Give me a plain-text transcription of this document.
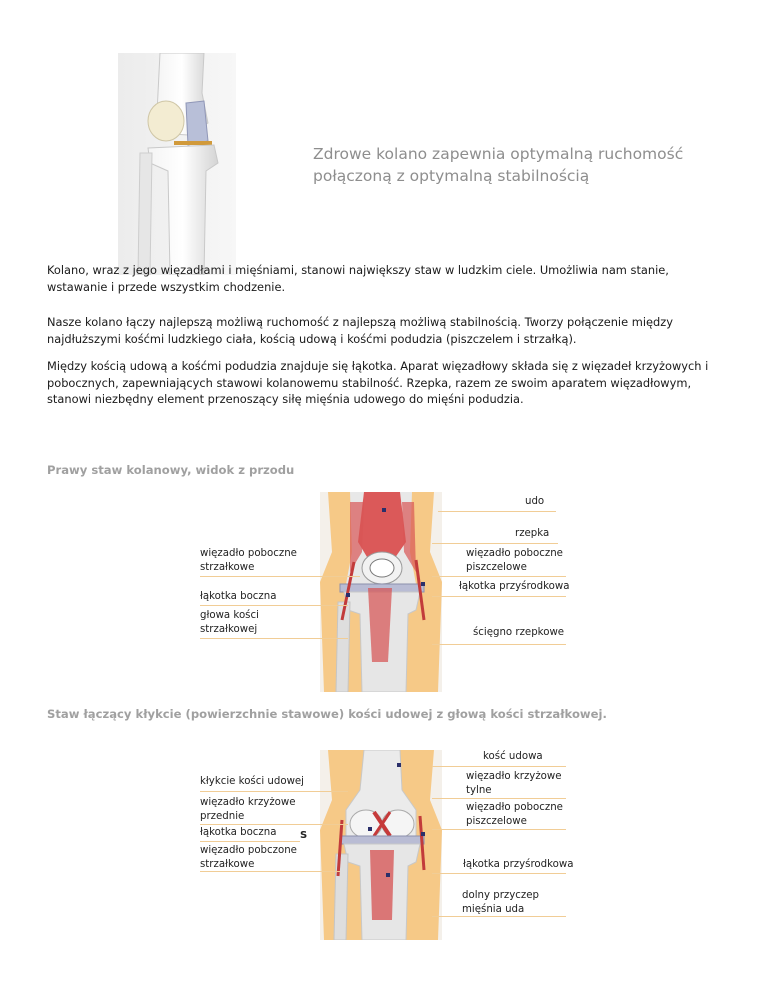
Zdrowe kolano zapewnia optymalną ruchomość
połączoną z optymalną stabilnością

Kolano, wraz z jego więzadłami i mięśniami, stanowi największy staw w ludzkim ciele. Umożliwia nam stanie, wstawanie i przede wszystkim chodzenie.

Nasze kolano łączy najlepszą możliwą ruchomość z najlepszą możliwą stabilnością. Tworzy połączenie między najdłuższymi kośćmi ludzkiego ciała, kością udową i kośćmi podudzia (piszczelem i strzałką).

Między kością udową a kośćmi podudzia znajduje się łąkotka. Aparat więzadłowy składa się z więzadeł krzyżowych i pobocznych, zapewniających stawowi kolanowemu stabilność. Rzepka, razem ze swoim aparatem więzadłowym, stanowi niezbędny element przenoszący siłę mięśnia udowego do mięśni podudzia.

Prawy staw kolanowy, widok z przodu
udo
rzepka
więzadło poboczne piszczelowe
więzadło poboczne strzałkowe
łąkotka przyśrodkowa
łąkotka boczna
głowa kości strzałkowej	ścięgno rzepkowe
Staw łączący kłykcie (powierzchnie stawowe) kości udowej z głową kości strzałkowej.
kość udowa
kłykcie kości udowej	więzadło krzyżowe tylne
więzadło krzyżowe przednie
więzadło poboczne piszczelowe
łąkotka boczna S
więzadło pobczone strzałkowe	łąkotka przyśrodkowa
dolny przyczep mięśnia uda
